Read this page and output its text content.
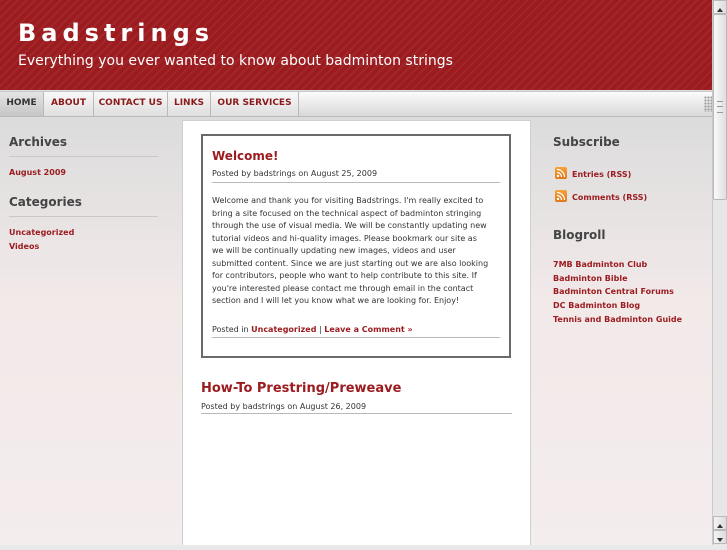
Badstrings
Everything you ever wanted to know about badminton strings
HOME	ABOUT	CONTACT US	LINKS	OUR SERVICES
Archives
August 2009
Categories
Uncategorized
Videos
Welcome!
Posted by badstrings on August 25, 2009
Welcome and thank you for visiting Badstrings. I'm really excited to
bring a site focused on the technical aspect of badminton stringing
through the use of visual media. We will be constantly updating new
tutorial videos and hi-quality images. Please bookmark our site as
we will be continually updating new images, videos and user
submitted content. Since we are just starting out we are also looking
for contributors, people who want to help contribute to this site. If
you're interested please contact me through email in the contact
section and I will let you know what we are looking for. Enjoy!
Posted in Uncategorized | Leave a Comment »
How-To Prestring/Preweave
Posted by badstrings on August 26, 2009
Subscribe
Entries (RSS)
Comments (RSS)
Blogroll
7MB Badminton Club
Badminton Bible
Badminton Central Forums
DC Badminton Blog
Tennis and Badminton Guide
